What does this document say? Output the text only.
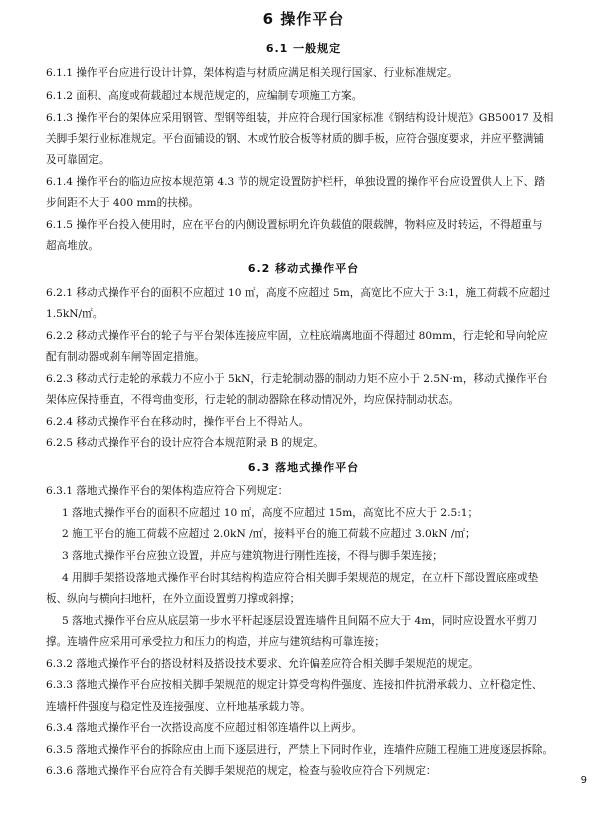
6 操作平台
6.1 一般规定
6.1.1 操作平台应进行设计计算，架体构造与材质应满足相关现行国家、行业标准规定。
6.1.2 面积、高度或荷载超过本规范规定的，应编制专项施工方案。
6.1.3 操作平台的架体应采用钢管、型钢等组装，并应符合现行国家标准《钢结构设计规范》GB50017 及相
关脚手架行业标准规定。平台面铺设的钢、木或竹胶合板等材质的脚手板，应符合强度要求，并应平整满铺
及可靠固定。
6.1.4 操作平台的临边应按本规范第 4.3 节的规定设置防护栏杆，单独设置的操作平台应设置供人上下、踏
步间距不大于 400 mm的扶梯。
6.1.5 操作平台投入使用时，应在平台的内侧设置标明允许负载值的限载牌，物料应及时转运，不得超重与
超高堆放。
6.2 移动式操作平台
6.2.1 移动式操作平台的面积不应超过 10 ㎡，高度不应超过 5m，高宽比不应大于 3:1，施工荷载不应超过
1.5kN/㎡。
6.2.2 移动式操作平台的轮子与平台架体连接应牢固，立柱底端离地面不得超过 80mm，行走轮和导向轮应
配有制动器或刹车闸等固定措施。
6.2.3 移动式行走轮的承载力不应小于 5kN，行走轮制动器的制动力矩不应小于 2.5N·m，移动式操作平台
架体应保持垂直，不得弯曲变形，行走轮的制动器除在移动情况外，均应保持制动状态。
6.2.4 移动式操作平台在移动时，操作平台上不得站人。
6.2.5 移动式操作平台的设计应符合本规范附录 B 的规定。
6.3 落地式操作平台
6.3.1 落地式操作平台的架体构造应符合下列规定：
1 落地式操作平台的面积不应超过 10 ㎡，高度不应超过 15m，高宽比不应大于 2.5:1；
2 施工平台的施工荷载不应超过 2.0kN /㎡，接料平台的施工荷载不应超过 3.0kN /㎡；
3 落地式操作平台应独立设置，并应与建筑物进行刚性连接，不得与脚手架连接；
4 用脚手架搭设落地式操作平台时其结构构造应符合相关脚手架规范的规定，在立杆下部设置底座或垫
板、纵向与横向扫地杆，在外立面设置剪刀撑或斜撑；
5 落地式操作平台应从底层第一步水平杆起逐层设置连墙件且间隔不应大于 4m，同时应设置水平剪刀
撑。连墙件应采用可承受拉力和压力的构造，并应与建筑结构可靠连接；
6.3.2 落地式操作平台的搭设材料及搭设技术要求、允许偏差应符合相关脚手架规范的规定。
6.3.3 落地式操作平台应按相关脚手架规范的规定计算受弯构件强度、连接扣件抗滑承载力、立杆稳定性、
连墙杆件强度与稳定性及连接强度、立杆地基承载力等。
6.3.4 落地式操作平台一次搭设高度不应超过相邻连墙件以上两步。
6.3.5 落地式操作平台的拆除应由上而下逐层进行，严禁上下同时作业，连墙件应随工程施工进度逐层拆除。
6.3.6 落地式操作平台应符合有关脚手架规范的规定，检查与验收应符合下列规定：
9
